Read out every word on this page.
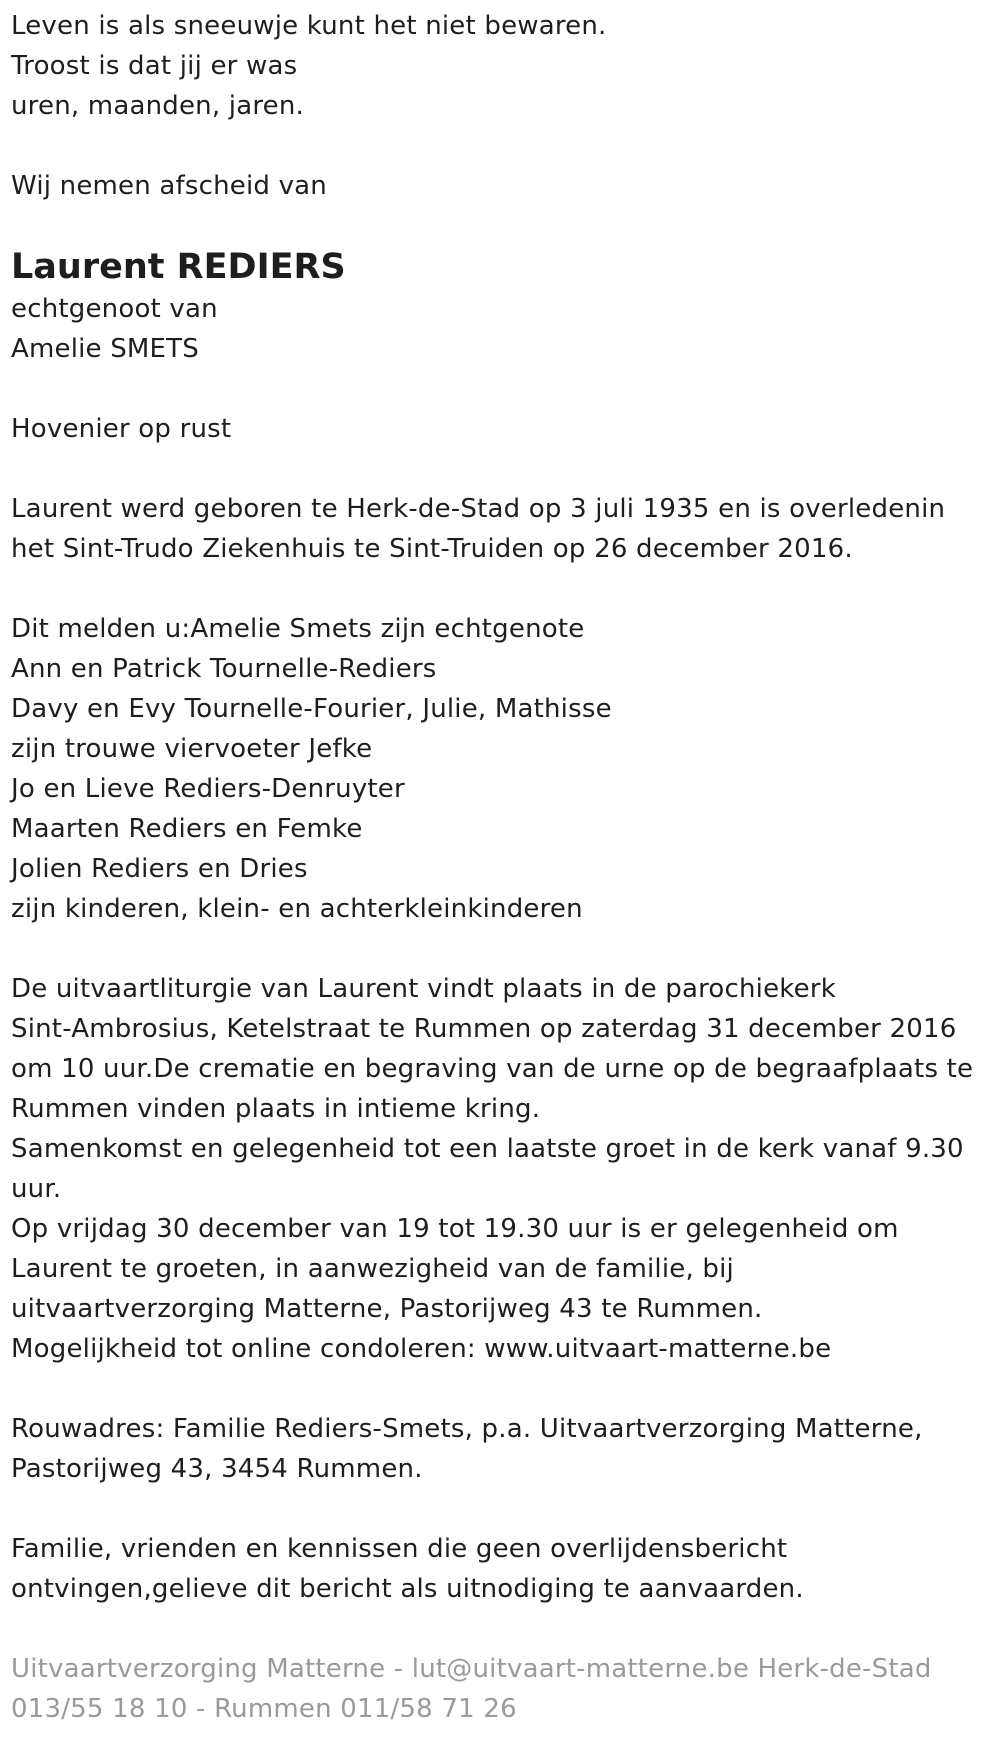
Leven is als sneeuwje kunt het niet bewaren.
Troost is dat jij er was
uren, maanden, jaren.
Wij nemen afscheid van
Laurent REDIERS
echtgenoot van
Amelie SMETS
Hovenier op rust
Laurent werd geboren te Herk-de-Stad op 3 juli 1935 en is overledenin
het Sint-Trudo Ziekenhuis te Sint-Truiden op 26 december 2016.
Dit melden u:Amelie Smets zijn echtgenote
Ann en Patrick Tournelle-Rediers
Davy en Evy Tournelle-Fourier, Julie, Mathisse
zijn trouwe viervoeter Jefke
Jo en Lieve Rediers-Denruyter
Maarten Rediers en Femke
Jolien Rediers en Dries
zijn kinderen, klein- en achterkleinkinderen
De uitvaartliturgie van Laurent vindt plaats in de parochiekerk
Sint-Ambrosius, Ketelstraat te Rummen op zaterdag 31 december 2016
om 10 uur.De crematie en begraving van de urne op de begraafplaats te
Rummen vinden plaats in intieme kring.
Samenkomst en gelegenheid tot een laatste groet in de kerk vanaf 9.30
uur.
Op vrijdag 30 december van 19 tot 19.30 uur is er gelegenheid om
Laurent te groeten, in aanwezigheid van de familie, bij
uitvaartverzorging Matterne, Pastorijweg 43 te Rummen.
Mogelijkheid tot online condoleren: www.uitvaart-matterne.be
Rouwadres: Familie Rediers-Smets, p.a. Uitvaartverzorging Matterne,
Pastorijweg 43, 3454 Rummen.
Familie, vrienden en kennissen die geen overlijdensbericht
ontvingen,gelieve dit bericht als uitnodiging te aanvaarden.
Uitvaartverzorging Matterne - lut@uitvaart-matterne.be Herk-de-Stad
013/55 18 10 - Rummen 011/58 71 26
